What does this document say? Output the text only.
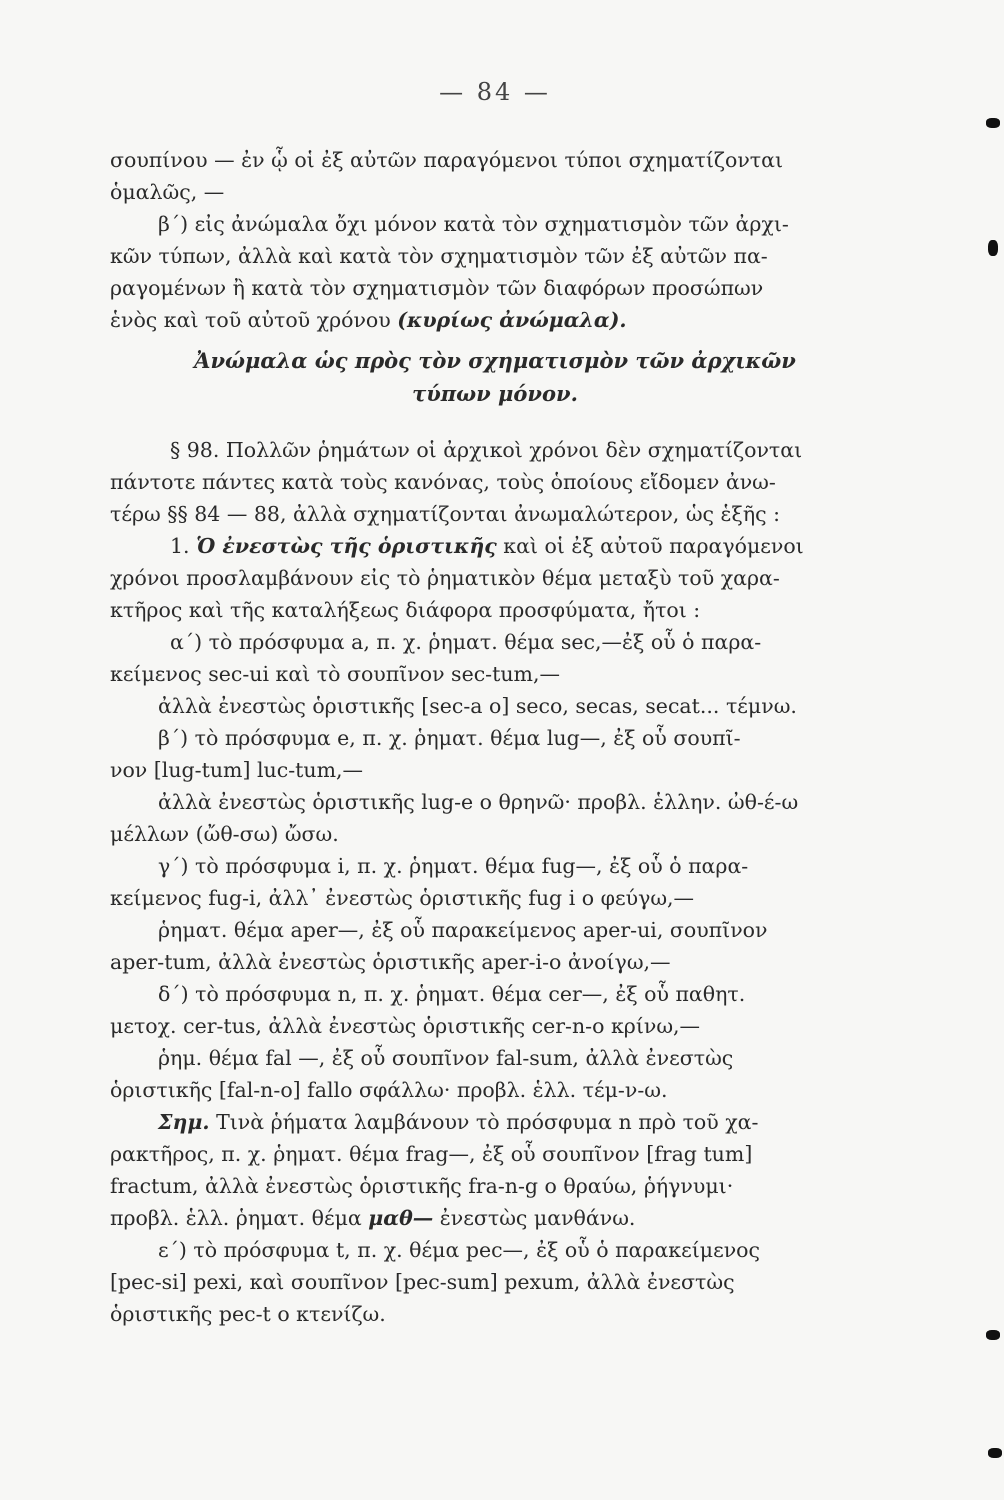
— 84 —
σουπίνου — ἐν ᾧ οἱ ἐξ αὐτῶν παραγόμενοι τύποι σχηματίζονται
ὁμαλῶς, —
β΄) εἰς ἀνώμαλα ὄχι μόνον κατὰ τὸν σχηματισμὸν τῶν ἀρχι-
κῶν τύπων, ἀλλὰ καὶ κατὰ τὸν σχηματισμὸν τῶν ἐξ αὐτῶν πα-
ραγομένων ἢ κατὰ τὸν σχηματισμὸν τῶν διαφόρων προσώπων
ἑνὸς καὶ τοῦ αὐτοῦ χρόνου (κυρίως ἀνώμαλα).
Ἀνώμαλα ὡς πρὸς τὸν σχηματισμὸν τῶν ἀρχικῶν
τύπων μόνον.
§ 98. Πολλῶν ῥημάτων οἱ ἀρχικοὶ χρόνοι δὲν σχηματίζονται
πάντοτε πάντες κατὰ τοὺς κανόνας, τοὺς ὁποίους εἴδομεν ἀνω-
τέρω §§ 84 — 88, ἀλλὰ σχηματίζονται ἀνωμαλώτερον, ὡς ἑξῆς :
1. Ὁ ἐνεστὼς τῆς ὁριστικῆς καὶ οἱ ἐξ αὐτοῦ παραγόμενοι
χρόνοι προσλαμβάνουν εἰς τὸ ῥηματικὸν θέμα μεταξὺ τοῦ χαρα-
κτῆρος καὶ τῆς καταλήξεως διάφορα προσφύματα, ἤτοι :
α΄) τὸ πρόσφυμα a, π. χ. ῥηματ. θέμα sec,—ἐξ οὗ ὁ παρα-
κείμενος sec-ui καὶ τὸ σουπῖνον sec-tum,—
ἀλλὰ ἐνεστὼς ὁριστικῆς [sec-a o] seco, secas, secat... τέμνω.
β΄) τὸ πρόσφυμα e, π. χ. ῥηματ. θέμα lug—, ἐξ οὗ σουπῖ-
νον [lug-tum] luc-tum,—
ἀλλὰ ἐνεστὼς ὁριστικῆς lug-e o θρηνῶ· προβλ. ἑλλην. ὠθ-έ-ω
μέλλων (ὤθ-σω) ὤσω.
γ΄) τὸ πρόσφυμα i, π. χ. ῥηματ. θέμα fug—, ἐξ οὗ ὁ παρα-
κείμενος fug-i, ἀλλ᾿ ἐνεστὼς ὁριστικῆς fug i o φεύγω,—
ῥηματ. θέμα aper—, ἐξ οὗ παρακείμενος aper-ui, σουπῖνον
aper-tum, ἀλλὰ ἐνεστὼς ὁριστικῆς aper-i-o ἀνοίγω,—
δ΄) τὸ πρόσφυμα n, π. χ. ῥηματ. θέμα cer—, ἐξ οὗ παθητ.
μετοχ. cer-tus, ἀλλὰ ἐνεστὼς ὁριστικῆς cer-n-o κρίνω,—
ῥημ. θέμα fal —, ἐξ οὗ σουπῖνον fal-sum, ἀλλὰ ἐνεστὼς
ὁριστικῆς [fal-n-o] fallo σφάλλω· προβλ. ἑλλ. τέμ-ν-ω.
Σημ. Τινὰ ῥήματα λαμβάνουν τὸ πρόσφυμα n πρὸ τοῦ χα-
ρακτῆρος, π. χ. ῥηματ. θέμα frag—, ἐξ οὗ σουπῖνον [frag tum]
fractum, ἀλλὰ ἐνεστὼς ὁριστικῆς fra-n-g o θραύω, ῥήγνυμι·
προβλ. ἑλλ. ῥηματ. θέμα μαθ— ἐνεστὼς μανθάνω.
ε΄) τὸ πρόσφυμα t, π. χ. θέμα pec—, ἐξ οὗ ὁ παρακείμενος
[pec-si] pexi, καὶ σουπῖνον [pec-sum] pexum, ἀλλὰ ἐνεστὼς
ὁριστικῆς pec-t o κτενίζω.
